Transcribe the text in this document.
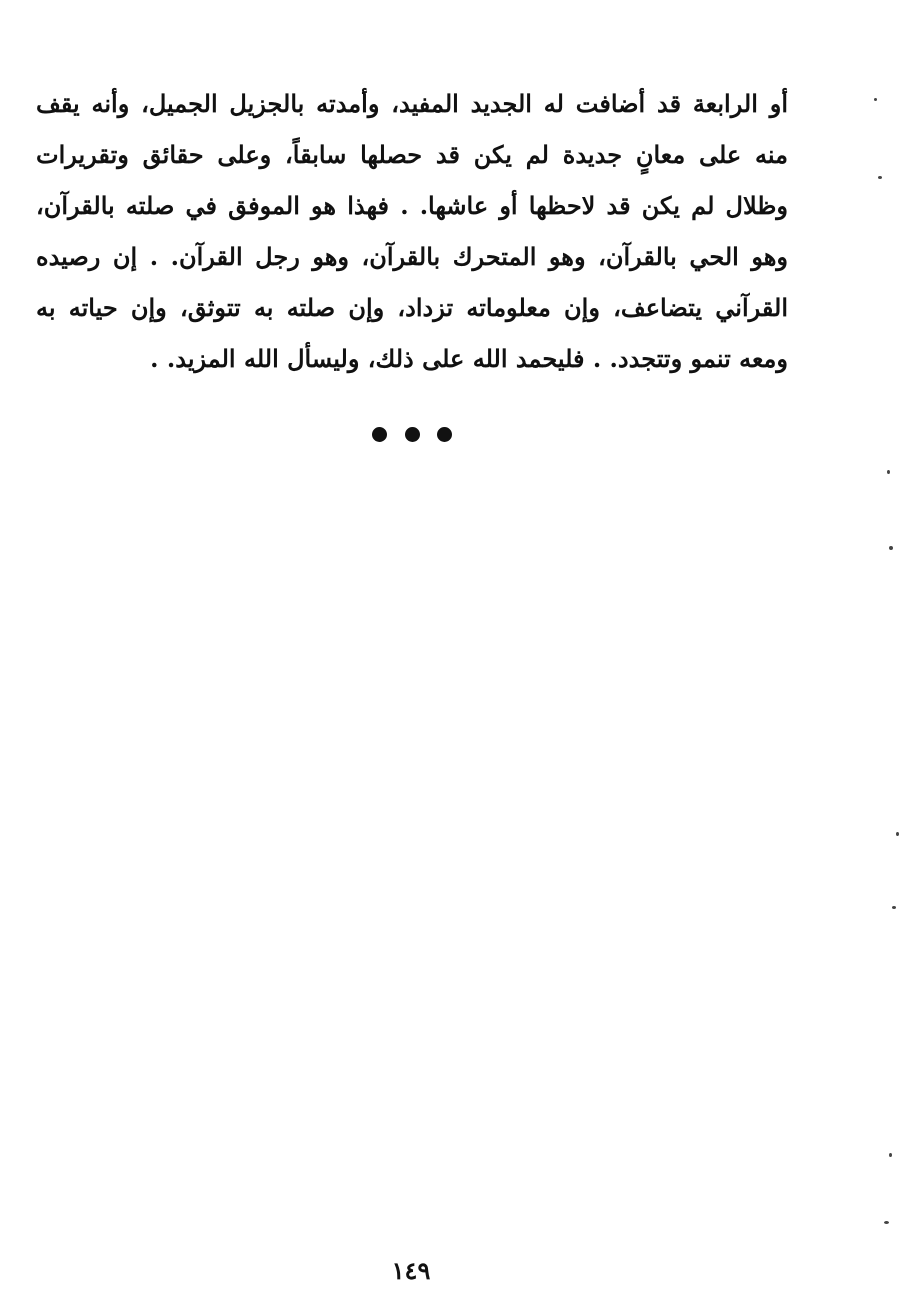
أو الرابعة قد أضافت له الجديد المفيد، وأمدته بالجزيل الجميل، وأنه يقف
منه على معانٍ جديدة لم يكن قد حصلها سابقاً، وعلى حقائق وتقريرات
وظلال لم يكن قد لاحظها أو عاشها. . فهذا هو الموفق في صلته بالقرآن،
وهو الحي بالقرآن، وهو المتحرك بالقرآن، وهو رجل القرآن. . إن رصيده
القرآني يتضاعف، وإن معلوماته تزداد، وإن صلته به تتوثق، وإن حياته به
ومعه تنمو وتتجدد. . فليحمد الله على ذلك، وليسأل الله المزيد. .
١٤٩
